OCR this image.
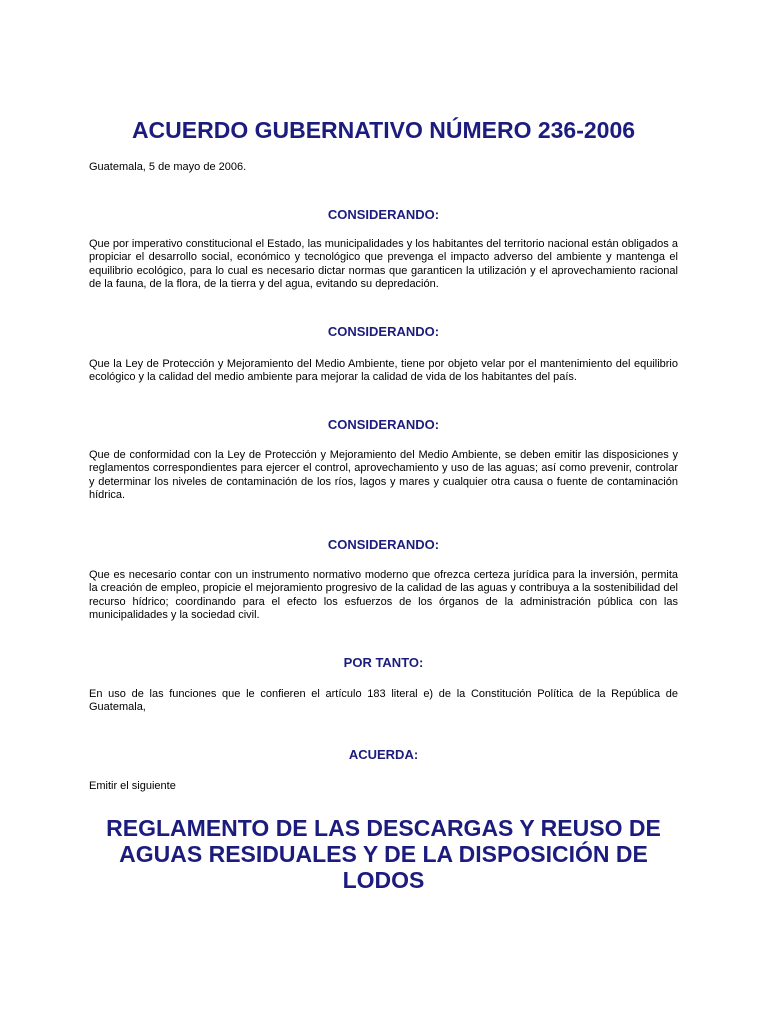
ACUERDO GUBERNATIVO NÚMERO 236-2006

Guatemala, 5 de mayo de 2006.

CONSIDERANDO:

Que por imperativo constitucional el Estado, las municipalidades y los habitantes del territorio nacional están obligados a propiciar el desarrollo social, económico y tecnológico que prevenga el impacto adverso del ambiente y mantenga el equilibrio ecológico, para lo cual es necesario dictar normas que garanticen la utilización y el aprovechamiento racional de la fauna, de la flora, de la tierra y del agua, evitando su depredación.

CONSIDERANDO:

Que la Ley de Protección y Mejoramiento del Medio Ambiente, tiene por objeto velar por el mantenimiento del equilibrio ecológico y la calidad del medio ambiente para mejorar la calidad de vida de los habitantes del país.

CONSIDERANDO:

Que de conformidad con la Ley de Protección y Mejoramiento del Medio Ambiente, se deben emitir las disposiciones y reglamentos correspondientes para ejercer el control, aprovechamiento y uso de las aguas; así como prevenir, controlar y determinar los niveles de contaminación de los ríos, lagos y mares y cualquier otra causa o fuente de contaminación hídrica.

CONSIDERANDO:

Que es necesario contar con un instrumento normativo moderno que ofrezca certeza jurídica para la inversión, permita la creación de empleo, propicie el mejoramiento progresivo de la calidad de las aguas y contribuya a la sostenibilidad del recurso hídrico; coordinando para el efecto los esfuerzos de los órganos de la administración pública con las municipalidades y la sociedad civil.

POR TANTO:

En uso de las funciones que le confieren el artículo 183 literal e) de la Constitución Política de la República de Guatemala,

ACUERDA:

Emitir el siguiente

REGLAMENTO DE LAS DESCARGAS Y REUSO DE AGUAS RESIDUALES Y DE LA DISPOSICIÓN DE LODOS
